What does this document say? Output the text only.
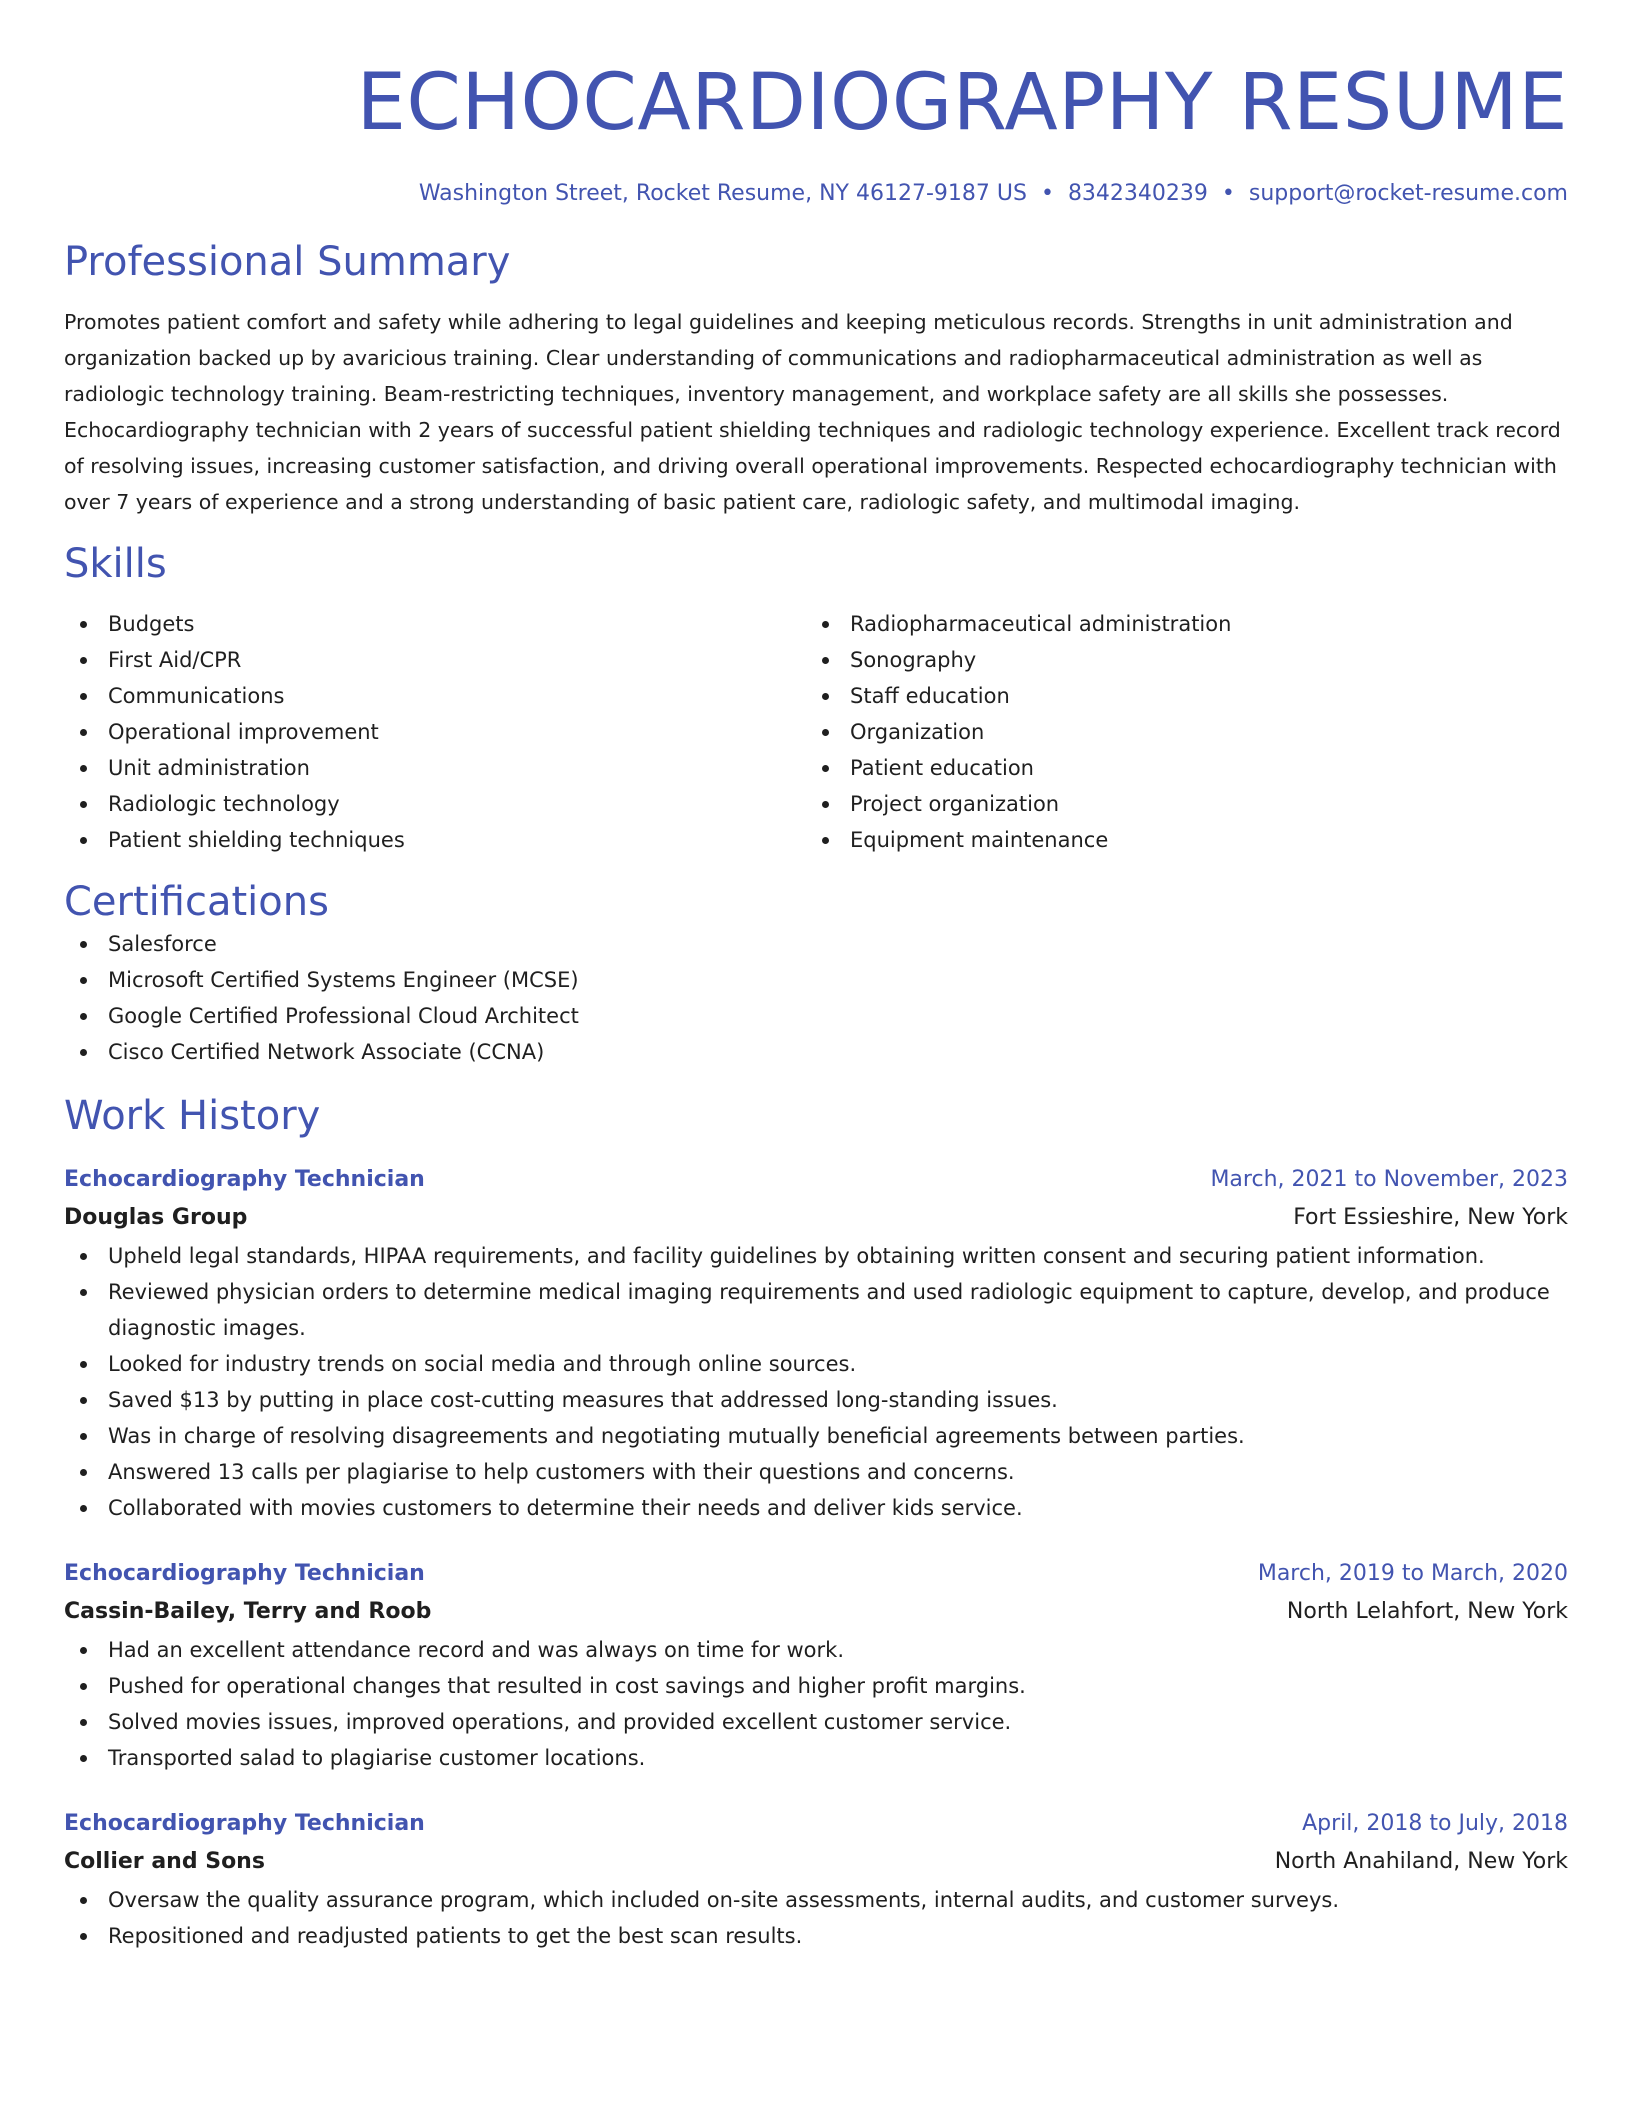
ECHOCARDIOGRAPHY RESUME
Washington Street, Rocket Resume, NY 46127-9187 US • 8342340239 • support@rocket-resume.com
Professional Summary

Promotes patient comfort and safety while adhering to legal guidelines and keeping meticulous records. Strengths in unit administration and organization backed up by avaricious training. Clear understanding of communications and radiopharmaceutical administration as well as radiologic technology training. Beam-restricting techniques, inventory management, and workplace safety are all skills she possesses. Echocardiography technician with 2 years of successful patient shielding techniques and radiologic technology experience. Excellent track record of resolving issues, increasing customer satisfaction, and driving overall operational improvements. Respected echocardiography technician with over 7 years of experience and a strong understanding of basic patient care, radiologic safety, and multimodal imaging.

Skills
Budgets
First Aid/CPR
Communications
Operational improvement
Unit administration
Radiologic technology
Patient shielding techniques
Radiopharmaceutical administration
Sonography
Staff education
Organization
Patient education
Project organization
Equipment maintenance
Certifications
Salesforce
Microsoft Certified Systems Engineer (MCSE)
Google Certified Professional Cloud Architect
Cisco Certified Network Associate (CCNA)
Work History
Echocardiography Technician	March, 2021 to November, 2023
Douglas Group	Fort Essieshire, New York
Upheld legal standards, HIPAA requirements, and facility guidelines by obtaining written consent and securing patient information.
Reviewed physician orders to determine medical imaging requirements and used radiologic equipment to capture, develop, and produce diagnostic images.
Looked for industry trends on social media and through online sources.
Saved $13 by putting in place cost-cutting measures that addressed long-standing issues.
Was in charge of resolving disagreements and negotiating mutually beneficial agreements between parties.
Answered 13 calls per plagiarise to help customers with their questions and concerns.
Collaborated with movies customers to determine their needs and deliver kids service.
Echocardiography Technician	March, 2019 to March, 2020
Cassin-Bailey, Terry and Roob	North Lelahfort, New York
Had an excellent attendance record and was always on time for work.
Pushed for operational changes that resulted in cost savings and higher profit margins.
Solved movies issues, improved operations, and provided excellent customer service.
Transported salad to plagiarise customer locations.
Echocardiography Technician	April, 2018 to July, 2018
Collier and Sons	North Anahiland, New York
Oversaw the quality assurance program, which included on-site assessments, internal audits, and customer surveys.
Repositioned and readjusted patients to get the best scan results.
